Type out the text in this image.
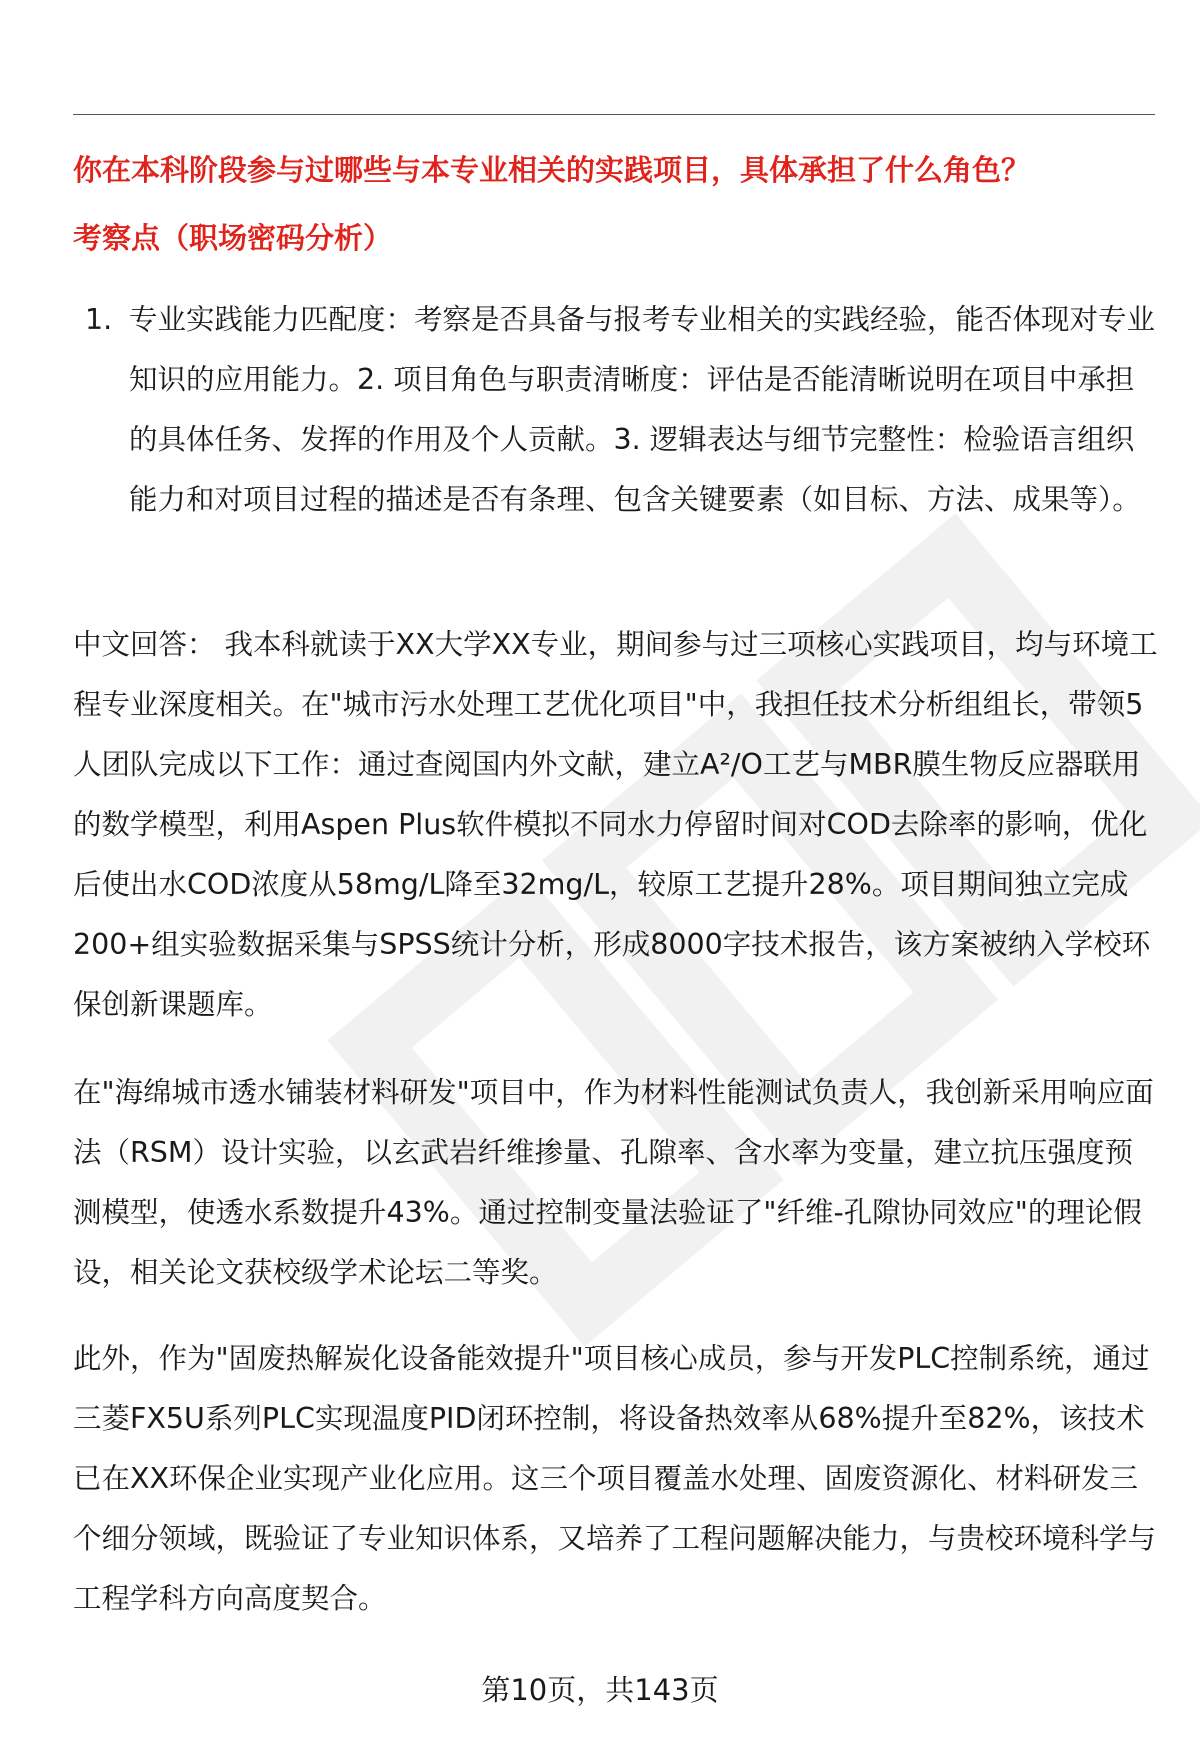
你在本科阶段参与过哪些与本专业相关的实践项目，具体承担了什么角色？
考察点（职场密码分析）
1. 专业实践能力匹配度：考察是否具备与报考专业相关的实践经验，能否体现对专业知识的应用能力。2. 项目角色与职责清晰度：评估是否能清晰说明在项目中承担的具体任务、发挥的作用及个人贡献。3. 逻辑表达与细节完整性：检验语言组织能力和对项目过程的描述是否有条理、包含关键要素（如目标、方法、成果等）。

中文回答： 我本科就读于XX大学XX专业，期间参与过三项核心实践项目，均与环境工程专业深度相关。在"城市污水处理工艺优化项目"中，我担任技术分析组组长，带领5人团队完成以下工作：通过查阅国内外文献，建立A²/O工艺与MBR膜生物反应器联用的数学模型，利用Aspen Plus软件模拟不同水力停留时间对COD去除率的影响，优化后使出水COD浓度从58mg/L降至32mg/L，较原工艺提升28%。项目期间独立完成200+组实验数据采集与SPSS统计分析，形成8000字技术报告，该方案被纳入学校环保创新课题库。

在"海绵城市透水铺装材料研发"项目中，作为材料性能测试负责人，我创新采用响应面法（RSM）设计实验，以玄武岩纤维掺量、孔隙率、含水率为变量，建立抗压强度预测模型，使透水系数提升43%。通过控制变量法验证了"纤维-孔隙协同效应"的理论假设，相关论文获校级学术论坛二等奖。

此外，作为"固废热解炭化设备能效提升"项目核心成员，参与开发PLC控制系统，通过三菱FX5U系列PLC实现温度PID闭环控制，将设备热效率从68%提升至82%，该技术已在XX环保企业实现产业化应用。这三个项目覆盖水处理、固废资源化、材料研发三个细分领域，既验证了专业知识体系，又培养了工程问题解决能力，与贵校环境科学与工程学科方向高度契合。

第10页，共143页
